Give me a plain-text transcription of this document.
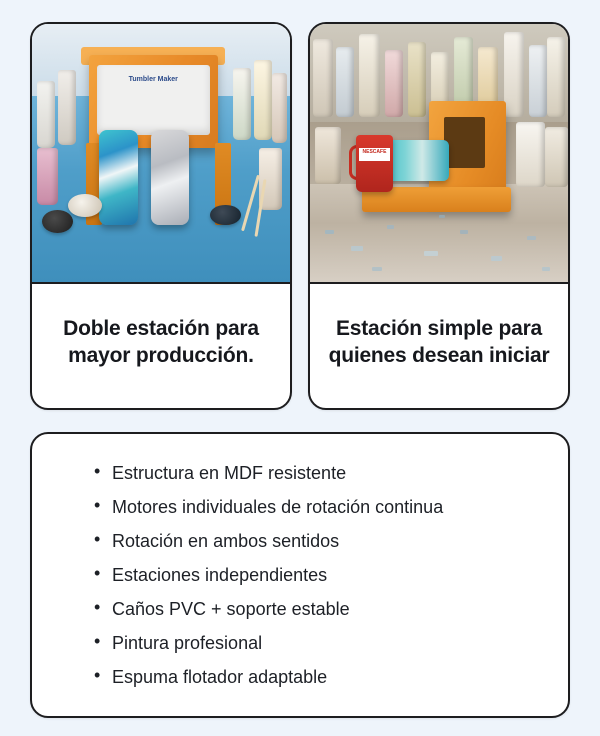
Tumbler Maker
Doble estación para mayor producción.
NESCAFE
Estación simple para quienes desean iniciar
• Estructura en MDF resistente
• Motores individuales de rotación continua
• Rotación en ambos sentidos
• Estaciones independientes
• Caños PVC + soporte estable
• Pintura profesional
• Espuma flotador adaptable
